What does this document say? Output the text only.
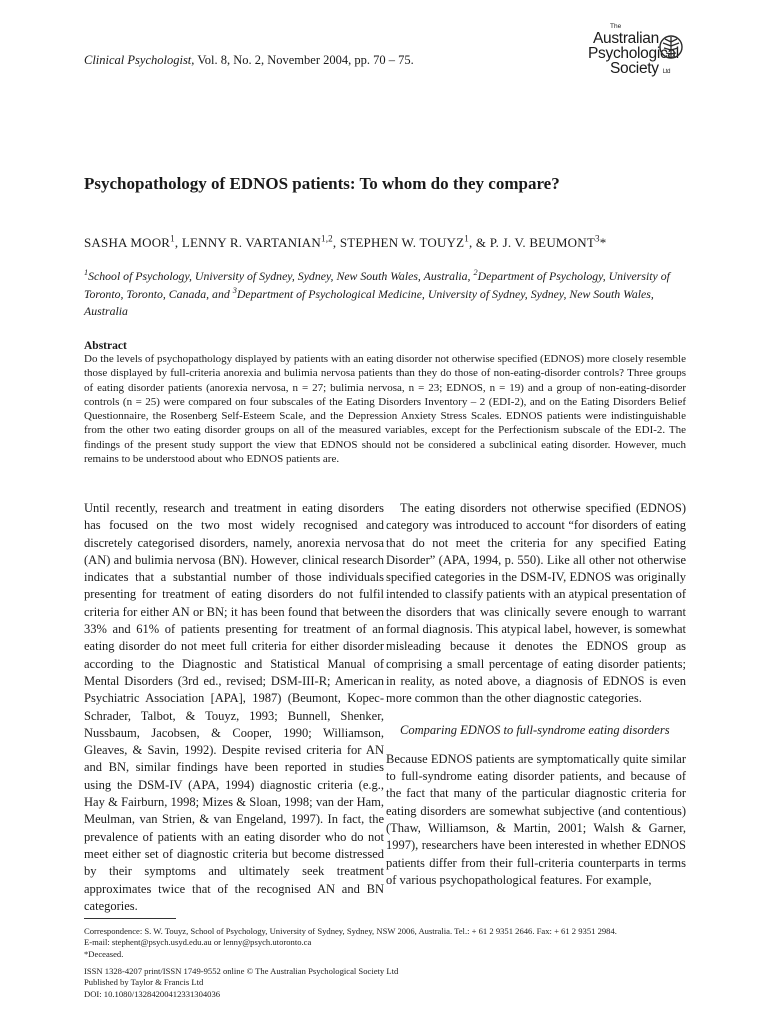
Clinical Psychologist, Vol. 8, No. 2, November 2004, pp. 70 – 75.
The
Australian
Psychological
Society Ltd
Psychopathology of EDNOS patients: To whom do they compare?
SASHA MOOR$^1$, LENNY R. VARTANIAN$^{1,2}$, STEPHEN W. TOUYZ$^1$, & P. J. V. BEUMONT$^3$*
$^1$School of Psychology, University of Sydney, Sydney, New South Wales, Australia, $^2$Department of Psychology, University of Toronto, Toronto, Canada, and $^3$Department of Psychological Medicine, University of Sydney, Sydney, New South Wales, Australia
Abstract
Do the levels of psychopathology displayed by patients with an eating disorder not otherwise specified (EDNOS) more closely resemble those displayed by full-criteria anorexia and bulimia nervosa patients than they do those of non-eating-disorder controls? Three groups of eating disorder patients (anorexia nervosa, n = 27; bulimia nervosa, n = 23; EDNOS, n = 19) and a group of non-eating-disorder controls (n = 25) were compared on four subscales of the Eating Disorders Inventory – 2 (EDI-2), and on the Eating Disorders Belief Questionnaire, the Rosenberg Self-Esteem Scale, and the Depression Anxiety Stress Scales. EDNOS patients were indistinguishable from the other two eating disorder groups on all of the measured variables, except for the Perfectionism subscale of the EDI-2. The findings of the present study support the view that EDNOS should not be considered a subclinical eating disorder. However, much remains to be understood about who EDNOS patients are.

Until recently, research and treatment in eating disorders has focused on the two most widely recognised and discretely categorised disorders, namely, anorexia nervosa (AN) and bulimia nervosa (BN). However, clinical research indicates that a substantial number of those individuals presenting for treatment of eating disorders do not fulfil criteria for either AN or BN; it has been found that between 33% and 61% of patients presenting for treatment of an eating disorder do not meet full criteria for either disorder according to the Diagnostic and Statistical Manual of Mental Disorders (3rd ed., revised; DSM-III-R; American Psychiatric Association [APA], 1987) (Beumont, Kopec-Schrader, Talbot, & Touyz, 1993; Bunnell, Shenker, Nussbaum, Jacobsen, & Cooper, 1990; Williamson, Gleaves, & Savin, 1992). Despite revised criteria for AN and BN, similar findings have been reported in studies using the DSM-IV (APA, 1994) diagnostic criteria (e.g., Hay & Fairburn, 1998; Mizes & Sloan, 1998; van der Ham, Meulman, van Strien, & van Engeland, 1997). In fact, the prevalence of patients with an eating disorder who do not meet either set of diagnostic criteria but become distressed by their symptoms and ultimately seek treatment approximates twice that of the recognised AN and BN categories.

The eating disorders not otherwise specified (EDNOS) category was introduced to account “for disorders of eating that do not meet the criteria for any specified Eating Disorder” (APA, 1994, p. 550). Like all other not otherwise specified categories in the DSM-IV, EDNOS was originally intended to classify patients with an atypical presentation of the disorders that was clinically severe enough to warrant formal diagnosis. This atypical label, however, is somewhat misleading because it denotes the EDNOS group as comprising a small percentage of eating disorder patients; in reality, as noted above, a diagnosis of EDNOS is even more common than the other diagnostic categories.

Comparing EDNOS to full-syndrome eating disorders

Because EDNOS patients are symptomatically quite similar to full-syndrome eating disorder patients, and because of the fact that many of the particular diagnostic criteria for eating disorders are somewhat subjective (and contentious) (Thaw, Williamson, & Martin, 2001; Walsh & Garner, 1997), researchers have been interested in whether EDNOS patients differ from their full-criteria counterparts in terms of various psychopathological features. For example,

Correspondence: S. W. Touyz, School of Psychology, University of Sydney, Sydney, NSW 2006, Australia. Tel.: + 61 2 9351 2646. Fax: + 61 2 9351 2984.
E-mail: stephent@psych.usyd.edu.au or lenny@psych.utoronto.ca
*Deceased.
ISSN 1328-4207 print/ISSN 1749-9552 online © The Australian Psychological Society Ltd
Published by Taylor & Francis Ltd
DOI: 10.1080/13284200412331304036
